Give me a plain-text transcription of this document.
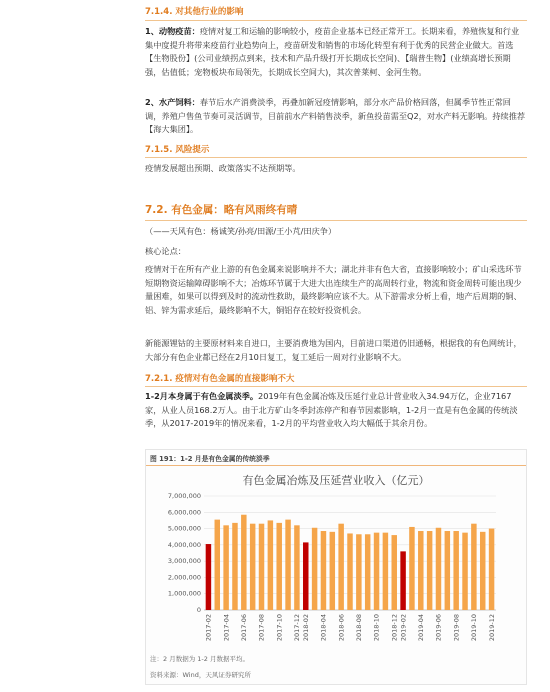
7.1.4. 对其他行业的影响
1、动物疫苗：疫情对复工和运输的影响较小，疫苗企业基本已经正常开工。长期来看，养殖恢复和行业集中度提升将带来疫苗行业趋势向上，疫苗研发和销售的市场化转型有利于优秀的民营企业做大。首选【生物股份】(公司业绩拐点到来，技术和产品升级打开长期成长空间)、【瑞普生物】(业绩高增长预期强，估值低；宠物板块布局领先，长期成长空间大)，其次普莱柯、金河生物。
2、水产饲料：春节后水产消费淡季，再叠加新冠疫情影响，部分水产品价格回落，但属季节性正常回调，养殖户售鱼节奏可灵活调节，目前前水产料销售淡季，新鱼投苗需至Q2，对水产料无影响。持续推荐【海大集团】。
7.1.5. 风险提示
疫情发展超出预期、政策落实不达预期等。
7.2. 有色金属：略有风雨终有晴
（——天风有色：杨诚笑/孙亮/田源/王小芃/田庆争）
核心论点：
疫情对于在所有产业上游的有色金属来说影响并不大；湖北并非有色大省，直接影响较小；矿山采选环节短期物资运输障碍影响不大；冶炼环节属于大进大出连续生产的高周转行业，物流和资金周转可能出现少量困难，如果可以得到及时的流动性救助，最终影响应该不大。从下游需求分析上看，地产后周期的铜、铝、锌为需求延后，最终影响不大，铜铝存在较好投资机会。
新能源锂钴的主要原材料来自进口，主要消费地为国内，目前进口渠道仍旧通畅，根据我的有色网统计，大部分有色企业都已经在2月10日复工，复工延后一周对行业影响不大。
7.2.1. 疫情对有色金属的直接影响不大
1-2月本身属于有色金属淡季。2019年有色金属冶炼及压延行业总计营业收入34.94万亿，企业7167家，从业人员168.2万人。由于北方矿山冬季封冻停产和春节因素影响，1-2月一直是有色金属的传统淡季，从2017-2019年的情况来看，1-2月的平均营业收入均大幅低于其余月份。
图 191：1-2 月是有色金属的传统淡季
有色金属冶炼及压延营业收入（亿元）
0
1,000,000
2,000,000
3,000,000
4,000,000
5,000,000
6,000,000
7,000,000
2017-02 2017-04 2017-06 2017-08 2017-10 2017-12 2018-02 2018-04 2018-06 2018-08 2018-10 2018-12 2019-02 2019-04 2019-06 2019-08 2019-10 2019-12
注：2 月数据为 1-2 月数据平均。
资料来源：Wind，天风证券研究所
